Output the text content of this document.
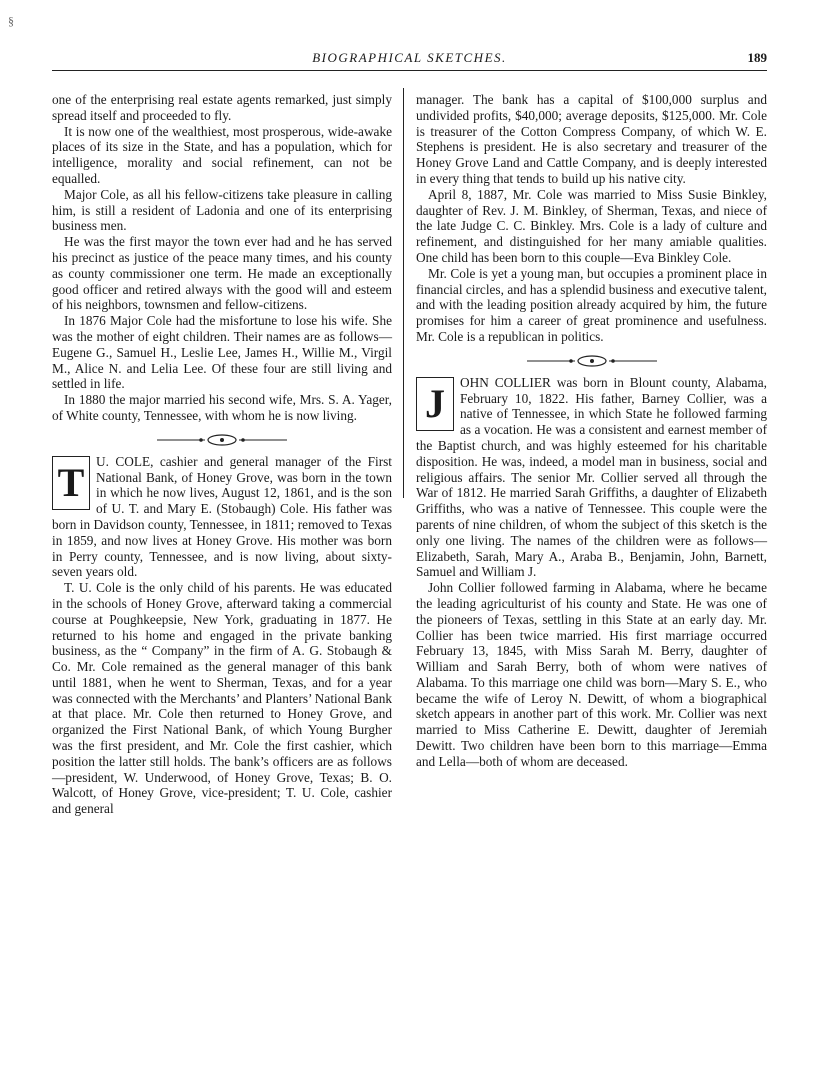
§
BIOGRAPHICAL SKETCHES.	189

one of the enterprising real estate agents remarked, just simply spread itself and proceeded to fly.

It is now one of the wealthiest, most prosperous, wide-awake places of its size in the State, and has a population, which for intelligence, morality and social refinement, can not be equalled.

Major Cole, as all his fellow-citizens take pleasure in calling him, is still a resident of Ladonia and one of its enterprising business men.

He was the first mayor the town ever had and he has served his precinct as justice of the peace many times, and his county as county commissioner one term. He made an exceptionally good officer and retired always with the good will and esteem of his neighbors, townsmen and fellow-citizens.

In 1876 Major Cole had the misfortune to lose his wife. She was the mother of eight children. Their names are as follows—Eugene G., Samuel H., Leslie Lee, James H., Willie M., Virgil M., Alice N. and Lelia Lee. Of these four are still living and settled in life.

In 1880 the major married his second wife, Mrs. S. A. Yager, of White county, Tennessee, with whom he is now living.

T U. COLE, cashier and general manager of the First National Bank, of Honey Grove, was born in the town in which he now lives, August 12, 1861, and is the son of U. T. and Mary E. (Stobaugh) Cole. His father was born in Davidson county, Tennessee, in 1811; removed to Texas in 1859, and now lives at Honey Grove. His mother was born in Perry county, Tennessee, and is now living, about sixty-seven years old.

T. U. Cole is the only child of his parents. He was educated in the schools of Honey Grove, afterward taking a commercial course at Poughkeepsie, New York, graduating in 1877. He returned to his home and engaged in the private banking business, as the “ Company” in the firm of A. G. Stobaugh & Co. Mr. Cole remained as the general manager of this bank until 1881, when he went to Sherman, Texas, and for a year was connected with the Merchants’ and Planters’ National Bank at that place. Mr. Cole then returned to Honey Grove, and organized the First National Bank, of which Young Burgher was the first president, and Mr. Cole the first cashier, which position the latter still holds. The bank’s officers are as follows—president, W. Underwood, of Honey Grove, Texas; B. O. Walcott, of Honey Grove, vice-president; T. U. Cole, cashier and general

manager. The bank has a capital of $100,000 surplus and undivided profits, $40,000; average deposits, $125,000. Mr. Cole is treasurer of the Cotton Compress Company, of which W. E. Stephens is president. He is also secretary and treasurer of the Honey Grove Land and Cattle Company, and is deeply interested in every thing that tends to build up his native city.

April 8, 1887, Mr. Cole was married to Miss Susie Binkley, daughter of Rev. J. M. Binkley, of Sherman, Texas, and niece of the late Judge C. C. Binkley. Mrs. Cole is a lady of culture and refinement, and distinguished for her many amiable qualities. One child has been born to this couple—Eva Binkley Cole.

Mr. Cole is yet a young man, but occupies a prominent place in financial circles, and has a splendid business and executive talent, and with the leading position already acquired by him, the future promises for him a career of great prominence and usefulness. Mr. Cole is a republican in politics.

J	OHN COLLIER was born in Blount county, Alabama, February 10, 1822. His father, Barney Collier, was a native of Tennessee, in which State he followed farming as a vocation. He was a consistent and earnest member of the Baptist church, and was highly esteemed for his charitable disposition. He was, indeed, a model man in business, social and religious affairs. The senior Mr. Collier served all through the War of 1812. He married Sarah Griffiths, a daughter of Elizabeth Griffiths, who was a native of Tennessee. This couple were the parents of nine children, of whom the subject of this sketch is the only one living. The names of the children were as follows—Elizabeth, Sarah, Mary A., Araba B., Benjamin, John, Barnett, Samuel and William J.

John Collier followed farming in Alabama, where he became the leading agriculturist of his county and State. He was one of the pioneers of Texas, settling in this State at an early day. Mr. Collier has been twice married. His first marriage occurred February 13, 1845, with Miss Sarah M. Berry, daughter of William and Sarah Berry, both of whom were natives of Alabama. To this marriage one child was born—Mary S. E., who became the wife of Leroy N. Dewitt, of whom a biographical sketch appears in another part of this work. Mr. Collier was next married to Miss Catherine E. Dewitt, daughter of Jeremiah Dewitt. Two children have been born to this marriage—Emma and Lella—both of whom are deceased.
